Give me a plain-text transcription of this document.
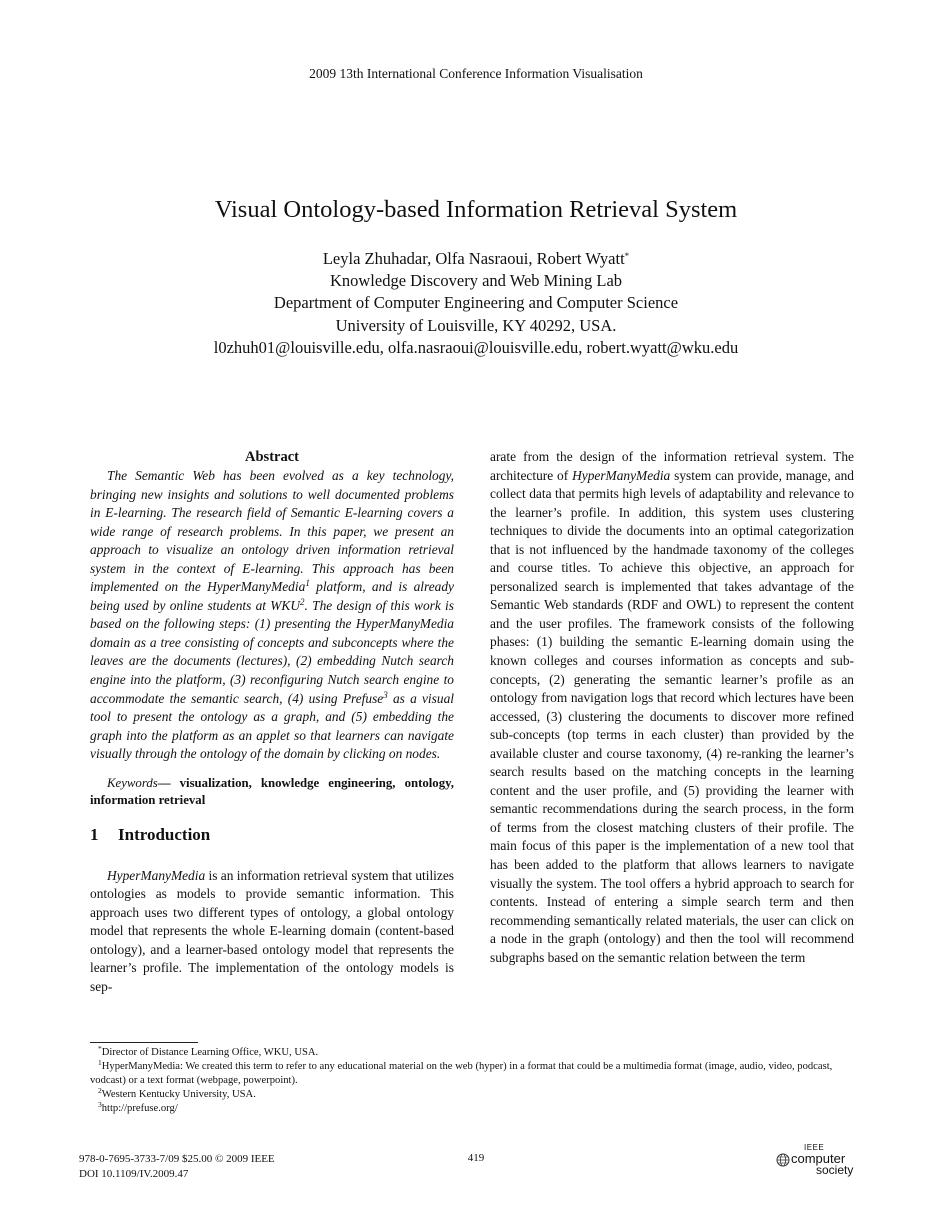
2009 13th International Conference Information Visualisation
Visual Ontology-based Information Retrieval System
Leyla Zhuhadar, Olfa Nasraoui, Robert Wyatt*
Knowledge Discovery and Web Mining Lab
Department of Computer Engineering and Computer Science
University of Louisville, KY 40292, USA.
l0zhuh01@louisville.edu, olfa.nasraoui@louisville.edu, robert.wyatt@wku.edu
Abstract

The Semantic Web has been evolved as a key technology, bringing new insights and solutions to well documented problems in E-learning. The research field of Semantic E-learning covers a wide range of research problems. In this paper, we present an approach to visualize an ontology driven information retrieval system in the context of E-learning. This approach has been implemented on the HyperManyMedia$^1$ platform, and is already being used by online students at WKU$^2$. The design of this work is based on the following steps: (1) presenting the HyperManyMedia domain as a tree consisting of concepts and subconcepts where the leaves are the documents (lectures), (2) embedding Nutch search engine into the platform, (3) reconfiguring Nutch search engine to accommodate the semantic search, (4) using Prefuse$^3$ as a visual tool to present the ontology as a graph, and (5) embedding the graph into the platform as an applet so that learners can navigate visually through the ontology of the domain by clicking on nodes.

Keywords— visualization, knowledge engineering, ontology, information retrieval

1 Introduction

HyperManyMedia is an information retrieval system that utilizes ontologies as models to provide semantic information. This approach uses two different types of ontology, a global ontology model that represents the whole E-learning domain (content-based ontology), and a learner-based ontology model that represents the learner’s profile. The implementation of the ontology models is sep-

arate from the design of the information retrieval system. The architecture of HyperManyMedia system can provide, manage, and collect data that permits high levels of adaptability and relevance to the learner’s profile. In addition, this system uses clustering techniques to divide the documents into an optimal categorization that is not influenced by the handmade taxonomy of the colleges and course titles. To achieve this objective, an approach for personalized search is implemented that takes advantage of the Semantic Web standards (RDF and OWL) to represent the content and the user profiles. The framework consists of the following phases: (1) building the semantic E-learning domain using the known colleges and courses information as concepts and sub-concepts, (2) generating the semantic learner’s profile as an ontology from navigation logs that record which lectures have been accessed, (3) clustering the documents to discover more refined sub-concepts (top terms in each cluster) than provided by the available cluster and course taxonomy, (4) re-ranking the learner’s search results based on the matching concepts in the learning content and the user profile, and (5) providing the learner with semantic recommendations during the search process, in the form of terms from the closest matching clusters of their profile. The main focus of this paper is the implementation of a new tool that has been added to the platform that allows learners to navigate visually the system. The tool offers a hybrid approach to search for contents. Instead of entering a simple search term and then recommending semantically related materials, the user can click on a node in the graph (ontology) and then the tool will recommend subgraphs based on the semantic relation between the term

*Director of Distance Learning Office, WKU, USA.
$^1$HyperManyMedia: We created this term to refer to any educational material on the web (hyper) in a format that could be a multimedia format (image, audio, video, podcast, vodcast) or a text format (webpage, powerpoint).
$^2$Western Kentucky University, USA.
$^3$http://prefuse.org/
978-0-7695-3733-7/09 $25.00 © 2009 IEEE
DOI 10.1109/IV.2009.47
419
IEEE
computer
society
